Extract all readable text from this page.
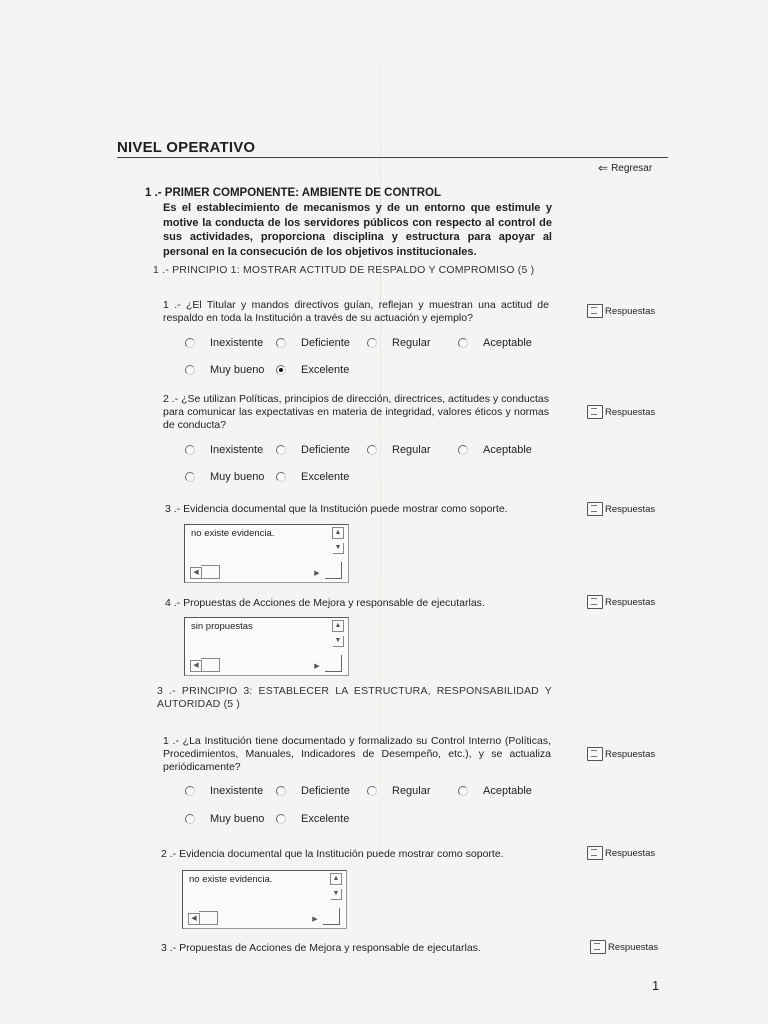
NIVEL OPERATIVO
⇐ Regresar
1 .- PRIMER COMPONENTE: AMBIENTE DE CONTROL
Es el establecimiento de mecanismos y de un entorno que estimule y motive la conducta de los servidores públicos con respecto al control de sus actividades, proporciona disciplina y estructura para apoyar al personal en la consecución de los objetivos institucionales.
1 .- PRINCIPIO 1: MOSTRAR ACTITUD DE RESPALDO Y COMPROMISO (5 )
1 .- ¿El Titular y mandos directivos guían, reflejan y muestran una actitud de respaldo en toda la Institución a través de su actuación y ejemplo?
Respuestas
Inexistente	Deficiente	Regular	Aceptable
Muy bueno	Excelente
2 .- ¿Se utilizan Políticas, principios de dirección, directrices, actitudes y conductas para comunicar las expectativas en materia de integridad, valores éticos y normas de conducta?
Respuestas
Inexistente	Deficiente	Regular	Aceptable
Muy bueno	Excelente
3 .- Evidencia documental que la Institución puede mostrar como soporte.	Respuestas
no existe evidencia.	▲
▼
◀	▶
4 .- Propuestas de Acciones de Mejora y responsable de ejecutarlas.	Respuestas
sin propuestas	▲
▼
◀	▶
3 .- PRINCIPIO 3: ESTABLECER LA ESTRUCTURA, RESPONSABILIDAD Y AUTORIDAD (5 )
1 .- ¿La Institución tiene documentado y formalizado su Control Interno (Políticas, Procedimientos, Manuales, Indicadores de Desempeño, etc.), y se actualiza periódicamente?
Respuestas
Inexistente	Deficiente	Regular	Aceptable
Muy bueno	Excelente
2 .- Evidencia documental que la Institución puede mostrar como soporte.	Respuestas
no existe evidencia.	▲
▼
◀	▶
3 .- Propuestas de Acciones de Mejora y responsable de ejecutarlas.	Respuestas
1
